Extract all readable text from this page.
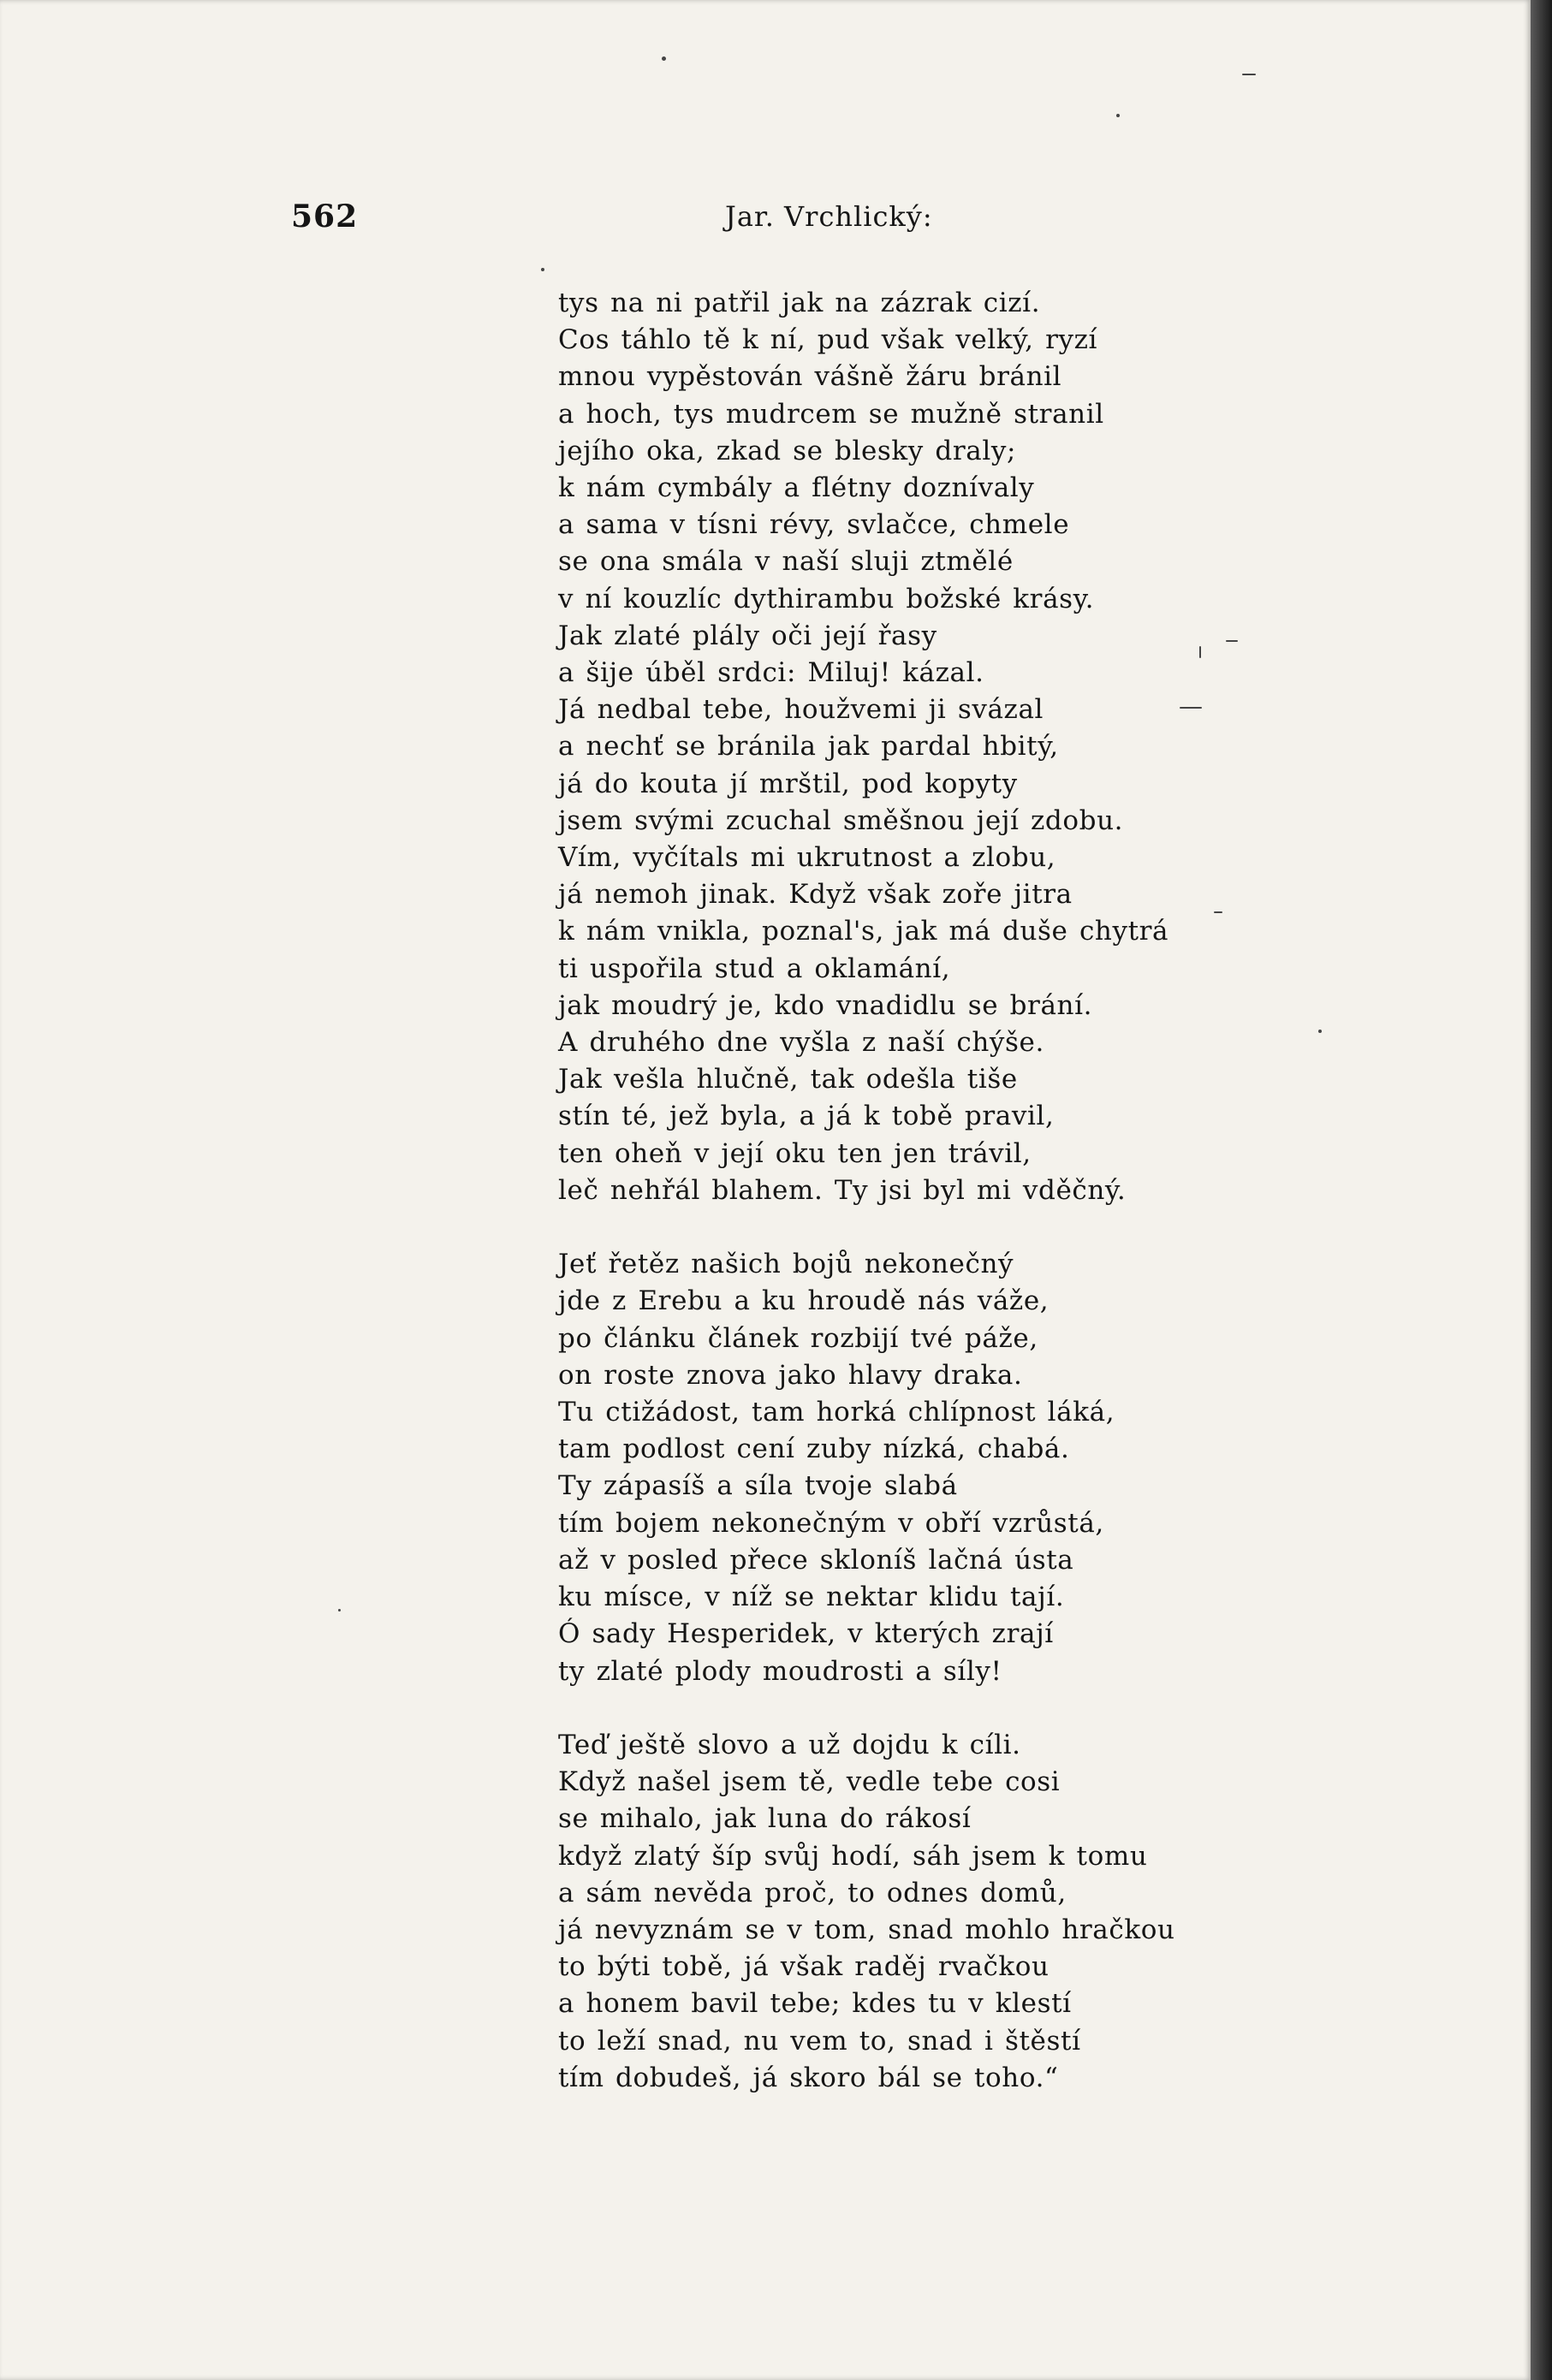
562	Jar. Vrchlický:
tys na ni patřil jak na zázrak cizí.
Cos táhlo tě k ní, pud však velký, ryzí
mnou vypěstován vášně žáru bránil
a hoch, tys mudrcem se mužně stranil
jejího oka, zkad se blesky draly;
k nám cymbály a flétny doznívaly
a sama v tísni révy, svlačce, chmele
se ona smála v naší sluji ztmělé
v ní kouzlíc dythirambu božské krásy.
Jak zlaté plály oči její řasy
a šije úběl srdci: Miluj! kázal.
Já nedbal tebe, houžvemi ji svázal
a nechť se bránila jak pardal hbitý,
já do kouta jí mrštil, pod kopyty
jsem svými zcuchal směšnou její zdobu.
Vím, vyčítals mi ukrutnost a zlobu,
já nemoh jinak. Když však zoře jitra
k nám vnikla, poznal's, jak má duše chytrá
ti uspořila stud a oklamání,
jak moudrý je, kdo vnadidlu se brání.
A druhého dne vyšla z naší chýše.
Jak vešla hlučně, tak odešla tiše
stín té, jež byla, a já k tobě pravil,
ten oheň v její oku ten jen trávil,
leč nehřál blahem. Ty jsi byl mi vděčný.
Jeť řetěz našich bojů nekonečný
jde z Erebu a ku hroudě nás váže,
po článku článek rozbijí tvé páže,
on roste znova jako hlavy draka.
Tu ctižádost, tam horká chlípnost láká,
tam podlost cení zuby nízká, chabá.
Ty zápasíš a síla tvoje slabá
tím bojem nekonečným v obří vzrůstá,
až v posled přece skloníš lačná ústa
ku míscе, v níž se nektar klidu tají.
Ó sady Hesperidek, v kterých zrají
ty zlaté plody moudrosti a síly!
Teď ještě slovo a už dojdu k cíli.
Když našel jsem tě, vedle tebe cosi
se mihalo, jak luna do rákosí
když zlatý šíp svůj hodí, sáh jsem k tomu
a sám nevěda proč, to odnes domů,
já nevyznám se v tom, snad mohlo hračkou
to býti tobě, já však raděj rvačkou
a honem bavil tebe; kdes tu v klestí
to leží snad, nu vem to, snad i štěstí
tím dobudeš, já skoro bál se toho.“
